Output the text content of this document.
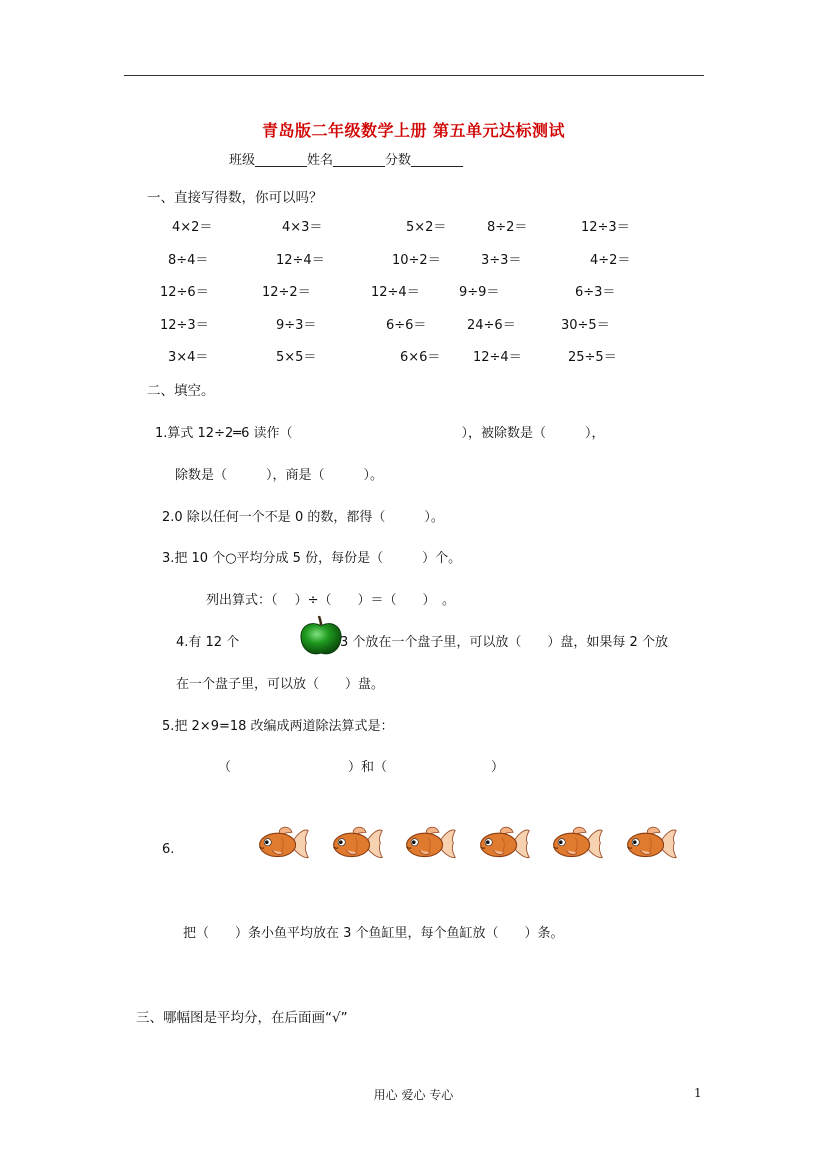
青岛版二年级数学上册 第五单元达标测试
班级________姓名________分数________
一、直接写得数，你可以吗？
4×2＝	4×3＝	5×2＝	8÷2＝	12÷3＝
8÷4＝	12÷4＝	10÷2＝	3÷3＝	4÷2＝
12÷6＝	12÷2＝	12÷4＝	9÷9＝	6÷3＝
12÷3＝	9÷3＝	6÷6＝	24÷6＝	30÷5＝
3×4＝	5×5＝	6×6＝	12÷4＝	25÷5＝
二、填空。
1.算式 12÷2═6 读作（　　　　　　　　　　　　　），被除数是（　　　），
除数是（　　　），商是（　　　）。
2.0 除以任何一个不是 0 的数，都得（　　　）。
3.把 10 个○平均分成 5 份，每份是（　　　）个。
列出算式：（　 ）÷（　　）＝（　　）　。
4.有 12 个	3 个放在一个盘子里，可以放（　　）盘，如果每 2 个放
在一个盘子里，可以放（　　）盘。
5.把 2×9=18 改编成两道除法算式是：
（　　　　　　　　　）和（　　　　　　　　）
6.
把（　　）条小鱼平均放在 3 个鱼缸里，每个鱼缸放（　　）条。
三、哪幅图是平均分，在后面画“√”
用心 爱心 专心	1
